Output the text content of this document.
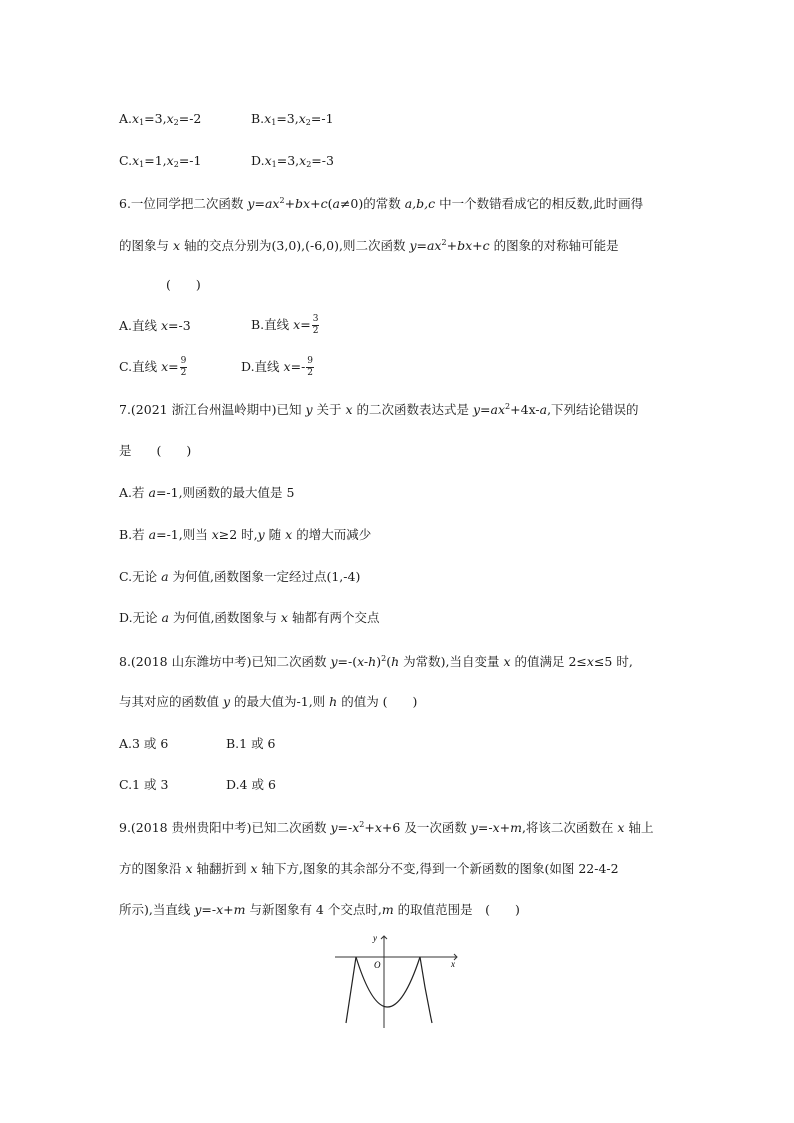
$A.x_1=3,x_2=-2$	$B.x_1=3,x_2=-1$
$C.x_1=1,x_2=-1$	$D.x_1=3,x_2=-3$
6.一位同学把二次函数 $y=ax^2+bx+c(a\ne 0)$的常数 a,b,c 中一个数错看成它的相反数,此时画得
的图象与 x 轴的交点分别为(3,0),(-6,0),则二次函数 $y=ax^2+bx+c$ 的图象的对称轴可能是
(　　)
A.直线 x=-3	B.直线 $x= \frac{3}{2}$
C.直线 $x= \frac{9}{2}$	D.直线 $x=- \frac{9}{2}$
7.(2021 浙江台州温岭期中)已知 y 关于 x 的二次函数表达式是 $y=ax^2+4x-a$,下列结论错误的
是　　(　　)
A.若 a=-1,则函数的最大值是 5
B.若 a=-1,则当 x≥2 时,y 随 x 的增大而减少
C.无论 a 为何值,函数图象一定经过点(1,-4)
D.无论 a 为何值,函数图象与 x 轴都有两个交点
8.(2018 山东潍坊中考)已知二次函数 $y=-(x-h)^2(h$ 为常数),当自变量 x 的值满足 2≤x≤5 时,
与其对应的函数值 y 的最大值为-1,则 h 的值为 (　　)
A.3 或 6	B.1 或 6
C.1 或 3	D.4 或 6
9.(2018 贵州贵阳中考)已知二次函数 $y=-x^2+x+6$ 及一次函数 y=-x+m,将该二次函数在 x 轴上
方的图象沿 x 轴翻折到 x 轴下方,图象的其余部分不变,得到一个新函数的图象(如图 22-4-2
所示),当直线 y=-x+m 与新图象有 4 个交点时,m 的取值范围是　(　　)
y
x
O
